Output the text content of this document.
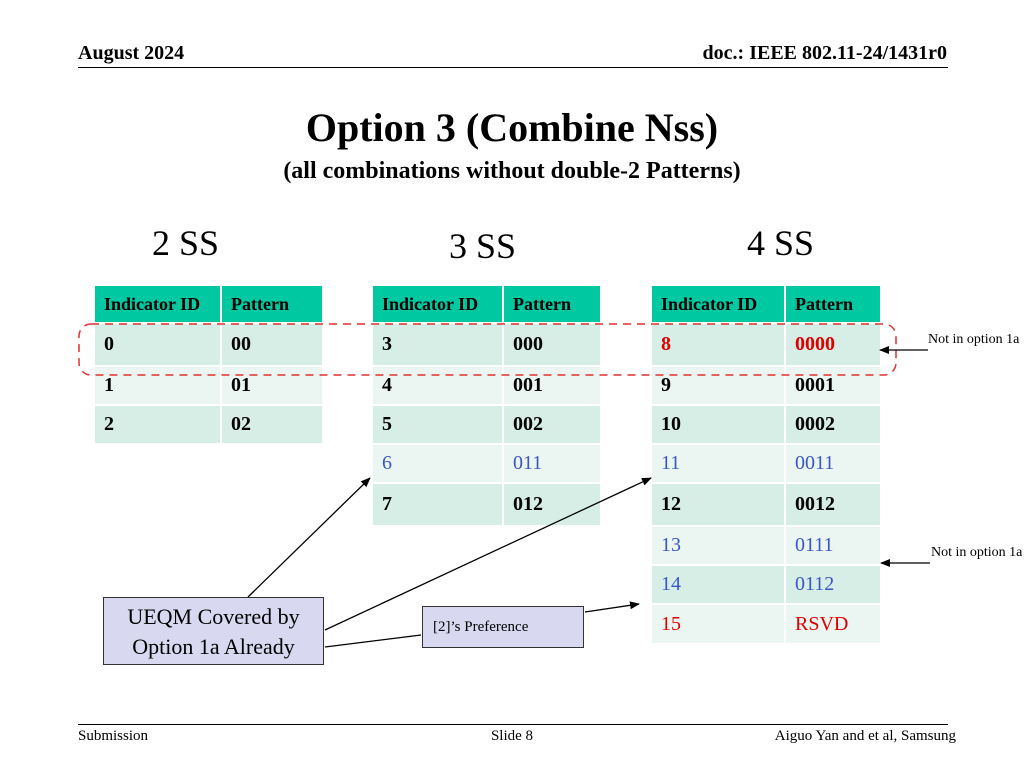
August 2024	doc.: IEEE 802.11-24/1431r0
Option 3 (Combine Nss)
(all combinations without double-2 Patterns)
2 SS	3 SS	4 SS
Indicator ID	Pattern
0	00
1	01
2	02
Indicator ID	Pattern
3	000
4	001
5	002
6	011
7	012
Indicator ID	Pattern
8	0000
9	0001
10	0002
11	0011
12	0012
13	0111
14	0112
15	RSVD
Not in option 1a
Not in option 1a
UEQM Covered by Option 1a Already
[2]’s Preference
Submission	Slide 8	Aiguo Yan and et al, Samsung
